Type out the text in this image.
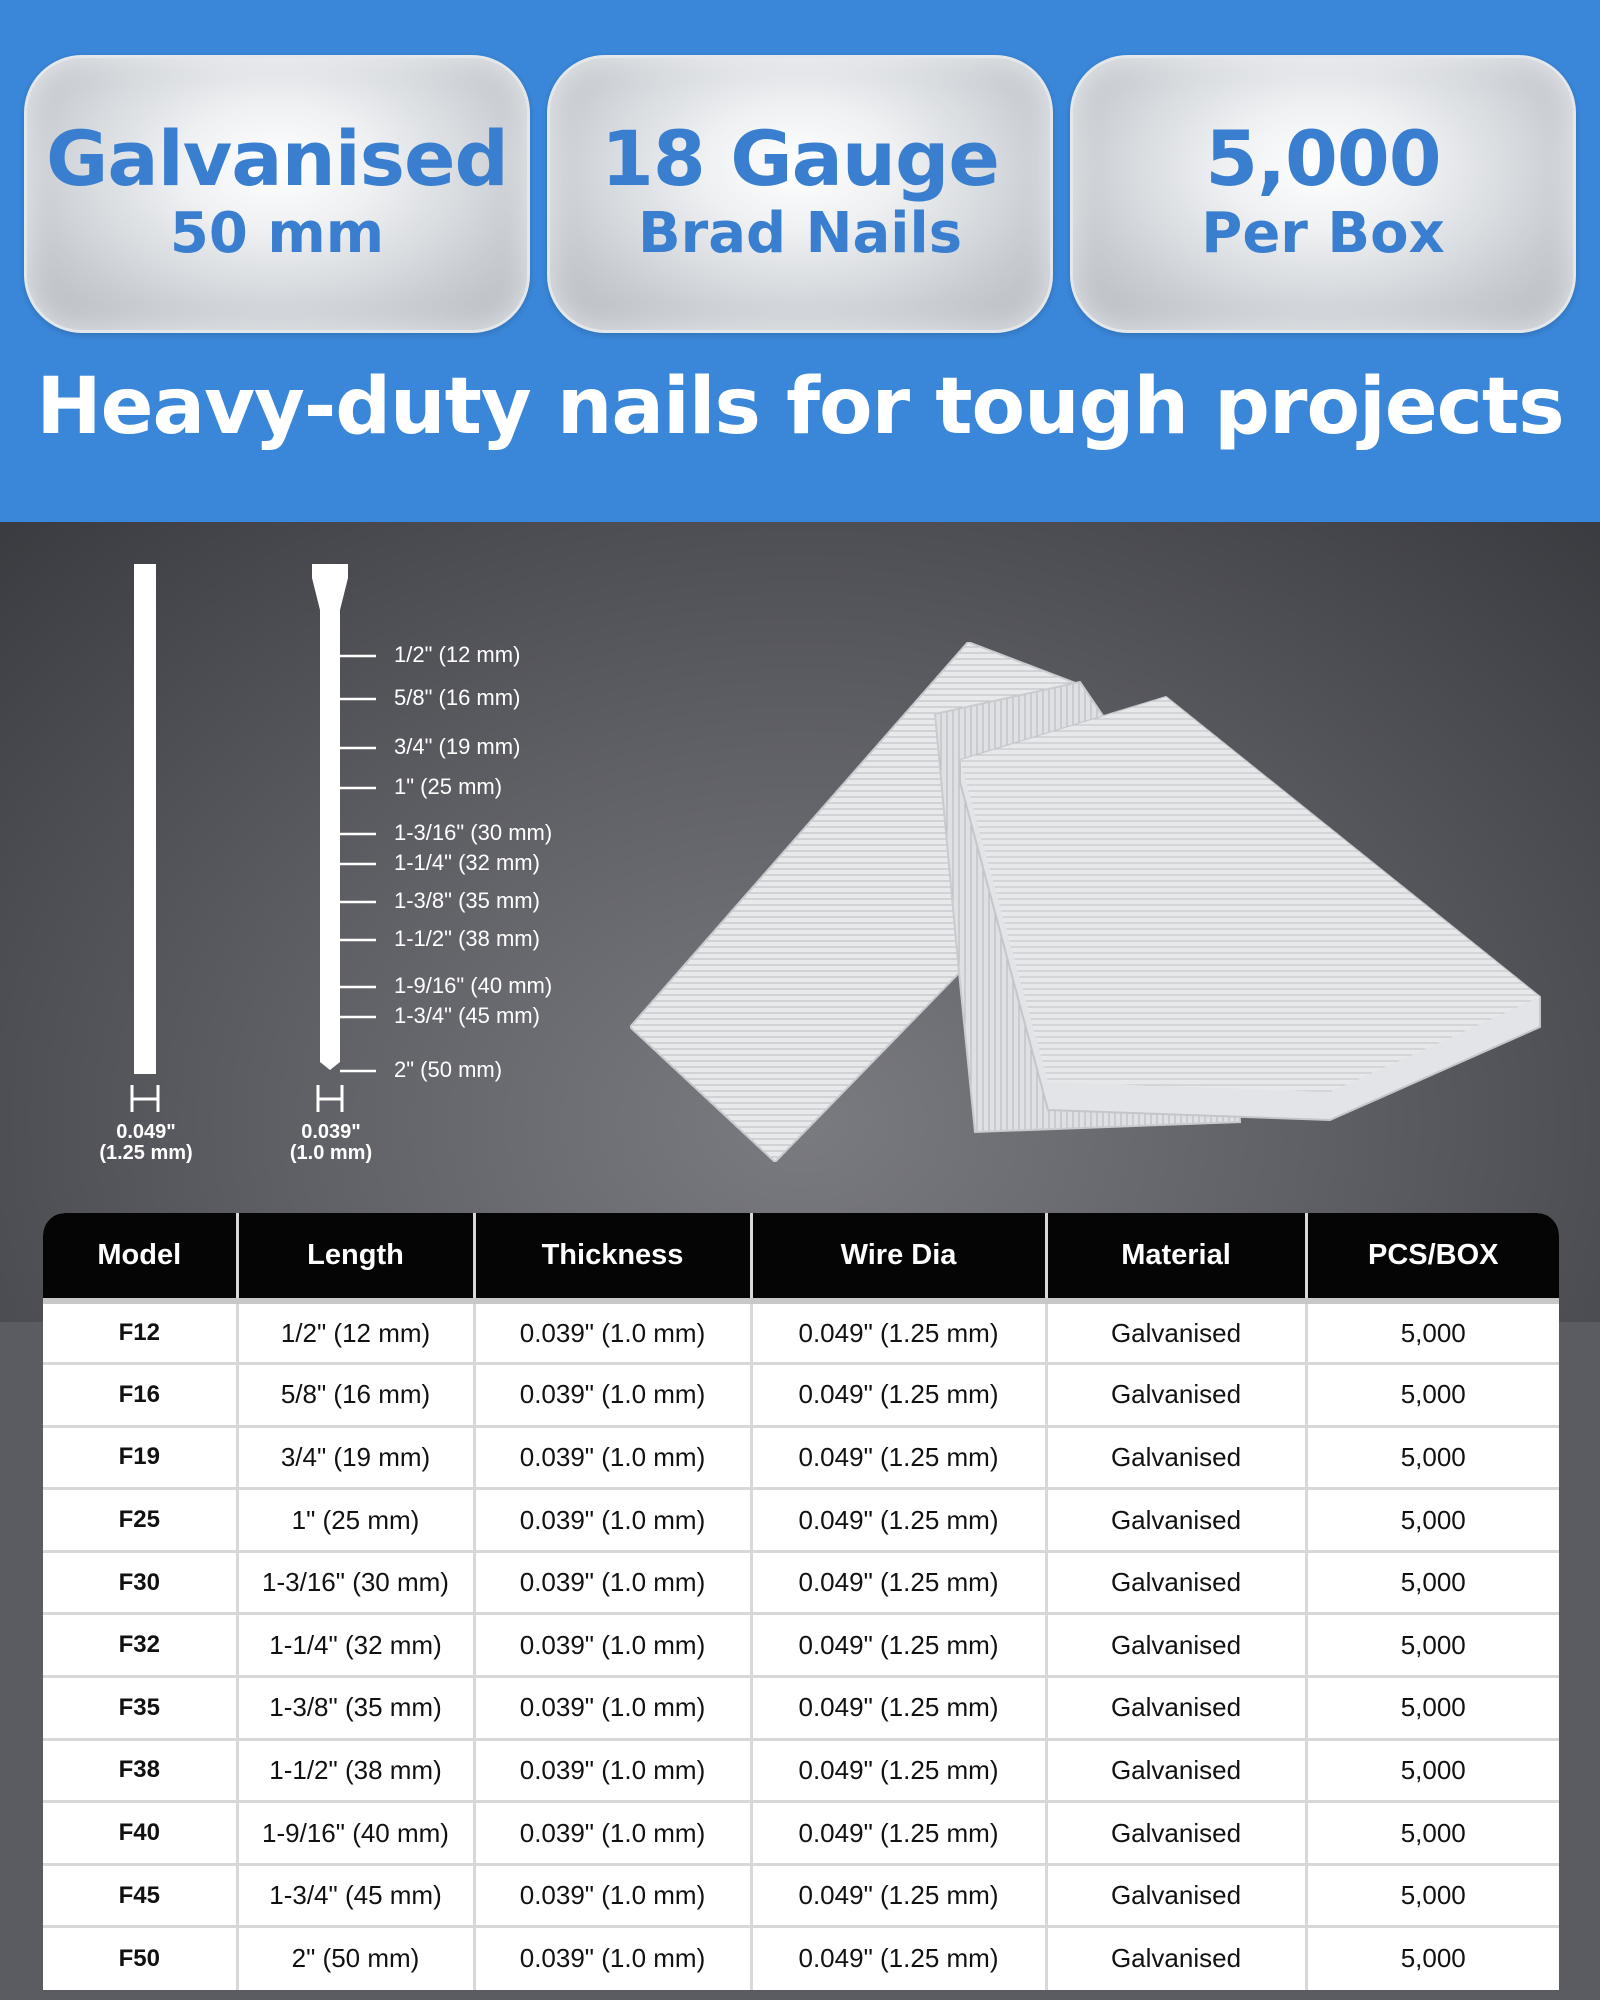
Galvanised
50 mm
18 Gauge
Brad Nails
5,000
Per Box
Heavy-duty nails for tough projects
1/2" (12 mm)
5/8" (16 mm)
3/4" (19 mm)
1" (25 mm)
1-3/16" (30 mm)
1-1/4" (32 mm)
1-3/8" (35 mm)
1-1/2" (38 mm)
1-9/16" (40 mm)
1-3/4" (45 mm)
2" (50 mm)
0.049"
(1.25 mm)
0.039"
(1.0 mm)
Model	Length	Thickness	Wire Dia	Material	PCS/BOX
F12	1/2" (12 mm)	0.039" (1.0 mm)	0.049" (1.25 mm)	Galvanised	5,000
F16	5/8" (16 mm)	0.039" (1.0 mm)	0.049" (1.25 mm)	Galvanised	5,000
F19	3/4" (19 mm)	0.039" (1.0 mm)	0.049" (1.25 mm)	Galvanised	5,000
F25	1" (25 mm)	0.039" (1.0 mm)	0.049" (1.25 mm)	Galvanised	5,000
F30	1-3/16" (30 mm)	0.039" (1.0 mm)	0.049" (1.25 mm)	Galvanised	5,000
F32	1-1/4" (32 mm)	0.039" (1.0 mm)	0.049" (1.25 mm)	Galvanised	5,000
F35	1-3/8" (35 mm)	0.039" (1.0 mm)	0.049" (1.25 mm)	Galvanised	5,000
F38	1-1/2" (38 mm)	0.039" (1.0 mm)	0.049" (1.25 mm)	Galvanised	5,000
F40	1-9/16" (40 mm)	0.039" (1.0 mm)	0.049" (1.25 mm)	Galvanised	5,000
F45	1-3/4" (45 mm)	0.039" (1.0 mm)	0.049" (1.25 mm)	Galvanised	5,000
F50	2" (50 mm)	0.039" (1.0 mm)	0.049" (1.25 mm)	Galvanised	5,000
